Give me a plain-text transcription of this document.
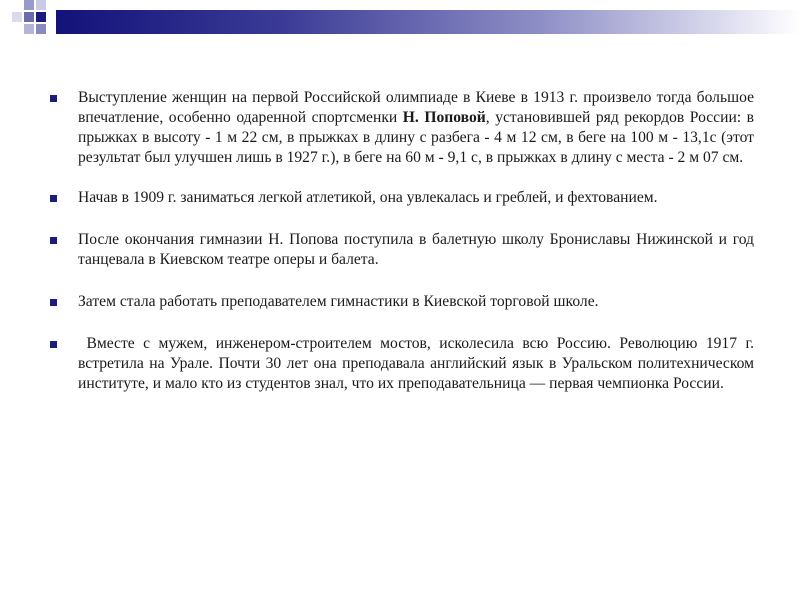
Выступление женщин на первой Российской олимпиаде в Киеве в 1913 г. произвело тогда большое впечатление, особенно одаренной спортсменки Н. Поповой, установившей ряд рекордов России: в прыжках в высоту - 1 м 22 см, в прыжках в длину с разбега - 4 м 12 см, в беге на 100 м - 13,1с (этот результат был улучшен лишь в 1927 г.), в беге на 60 м - 9,1 с, в прыжках в длину с места - 2 м 07 см.
Начав в 1909 г. заниматься легкой атлетикой, она увлекалась и греблей, и фехтованием.
После окончания гимназии Н. Попова поступила в балетную школу Брониславы Нижинской и год танцевала в Киевском театре оперы и балета.
Затем стала работать преподавателем гимнастики в Киевской торговой школе.
Вместе с мужем, инженером-строителем мостов, исколесила всю Россию. Революцию 1917 г. встретила на Урале. Почти 30 лет она преподавала английский язык в Уральском политехническом институте, и мало кто из студентов знал, что их преподавательница — первая чемпионка России.
